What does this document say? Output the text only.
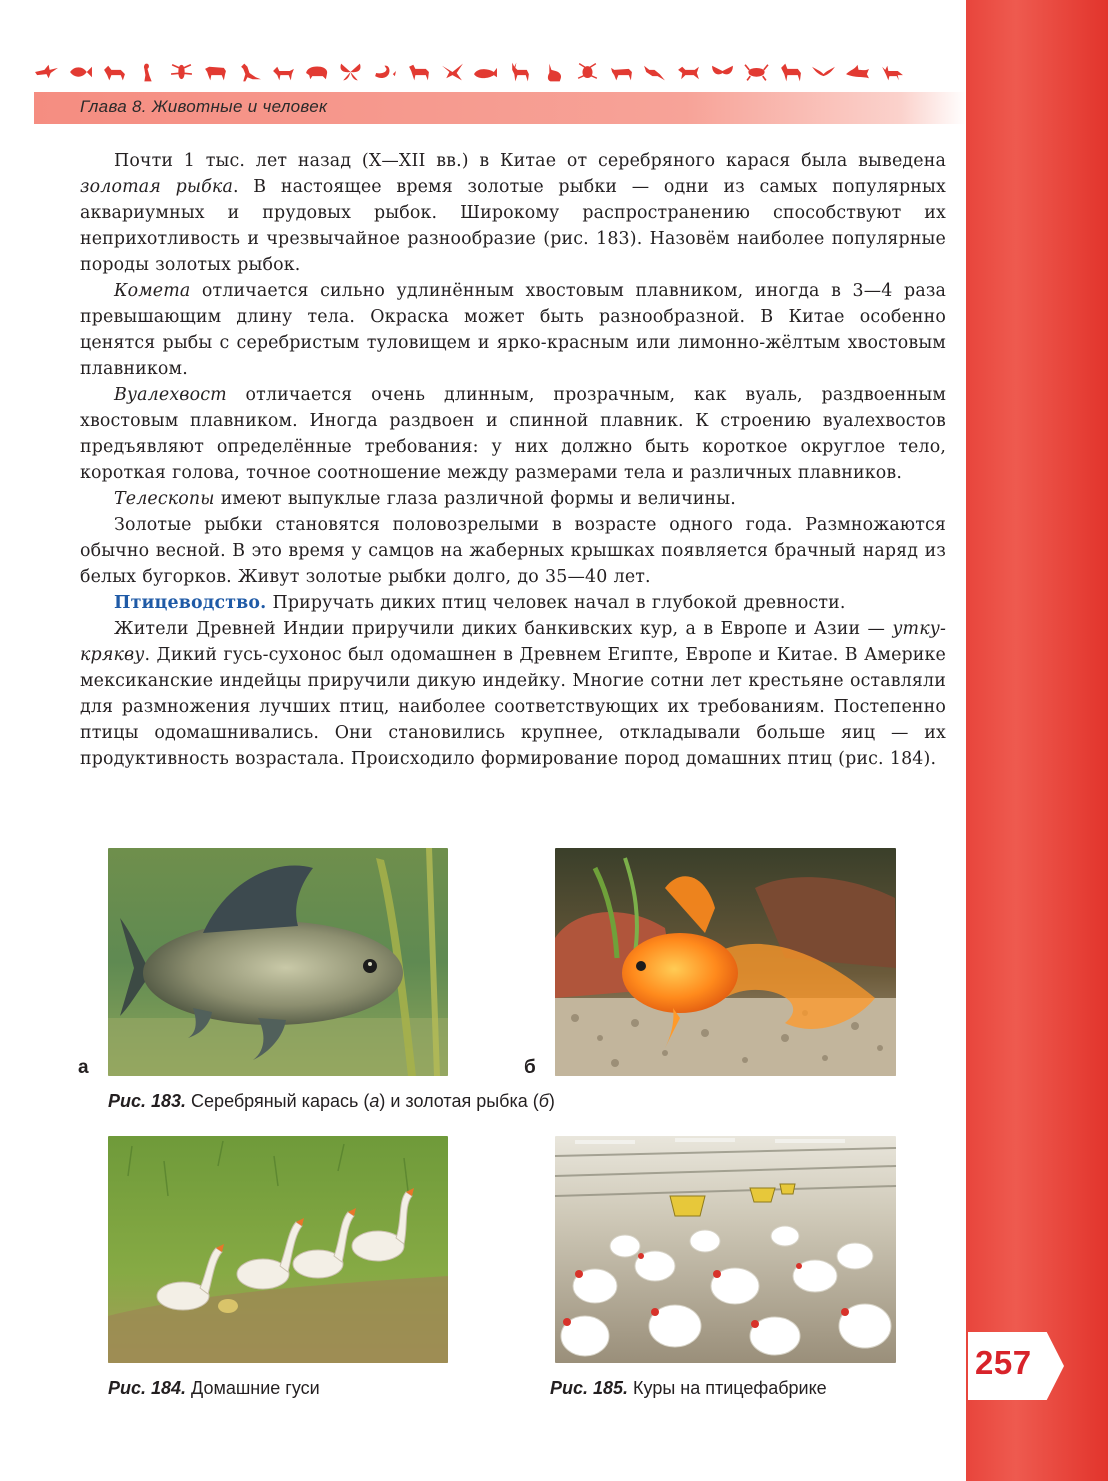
257
Глава 8. Животные и человек

Почти 1 тыс. лет назад (X—XII вв.) в Китае от серебряного карася была выведена золотая рыбка. В настоящее время золотые рыбки — одни из самых популярных аквариумных и прудовых рыбок. Широкому распространению способствуют их неприхотливость и чрезвычайное разнообразие (рис. 183). Назовём наиболее популярные породы золотых рыбок.

Комета отличается сильно удлинённым хвостовым плавником, иногда в 3—4 раза превышающим длину тела. Окраска может быть разнообразной. В Китае особенно ценятся рыбы с серебристым туловищем и ярко-красным или лимонно-жёлтым хвостовым плавником.

Вуалехвост отличается очень длинным, прозрачным, как вуаль, раздвоенным хвостовым плавником. Иногда раздвоен и спинной плавник. К строению вуалехвостов предъявляют определённые требования: у них должно быть короткое округлое тело, короткая голова, точное соотношение между размерами тела и различных плавников.

Телескопы имеют выпуклые глаза различной формы и величины.

Золотые рыбки становятся половозрелыми в возрасте одного года. Размножаются обычно весной. В это время у самцов на жаберных крышках появляется брачный наряд из белых бугорков. Живут золотые рыбки долго, до 35—40 лет.

Птицеводство. Приручать диких птиц человек начал в глубокой древности.

Жители Древней Индии приручили диких банкивских кур, а в Европе и Азии — утку-крякву. Дикий гусь-сухонос был одомашнен в Древнем Египте, Европе и Китае. В Америке мексиканские индейцы приручили дикую индейку. Многие сотни лет крестьяне оставляли для размножения лучших птиц, наиболее соответствующих их требованиям. Постепенно птицы одомашнивались. Они становились крупнее, откладывали больше яиц — их продуктивность возрастала. Происходило формирование пород домашних птиц (рис. 184).

а	б
Рис. 183. Серебряный карась (а) и золотая рыбка (б)
Рис. 184. Домашние гуси	Рис. 185. Куры на птицефабрике
